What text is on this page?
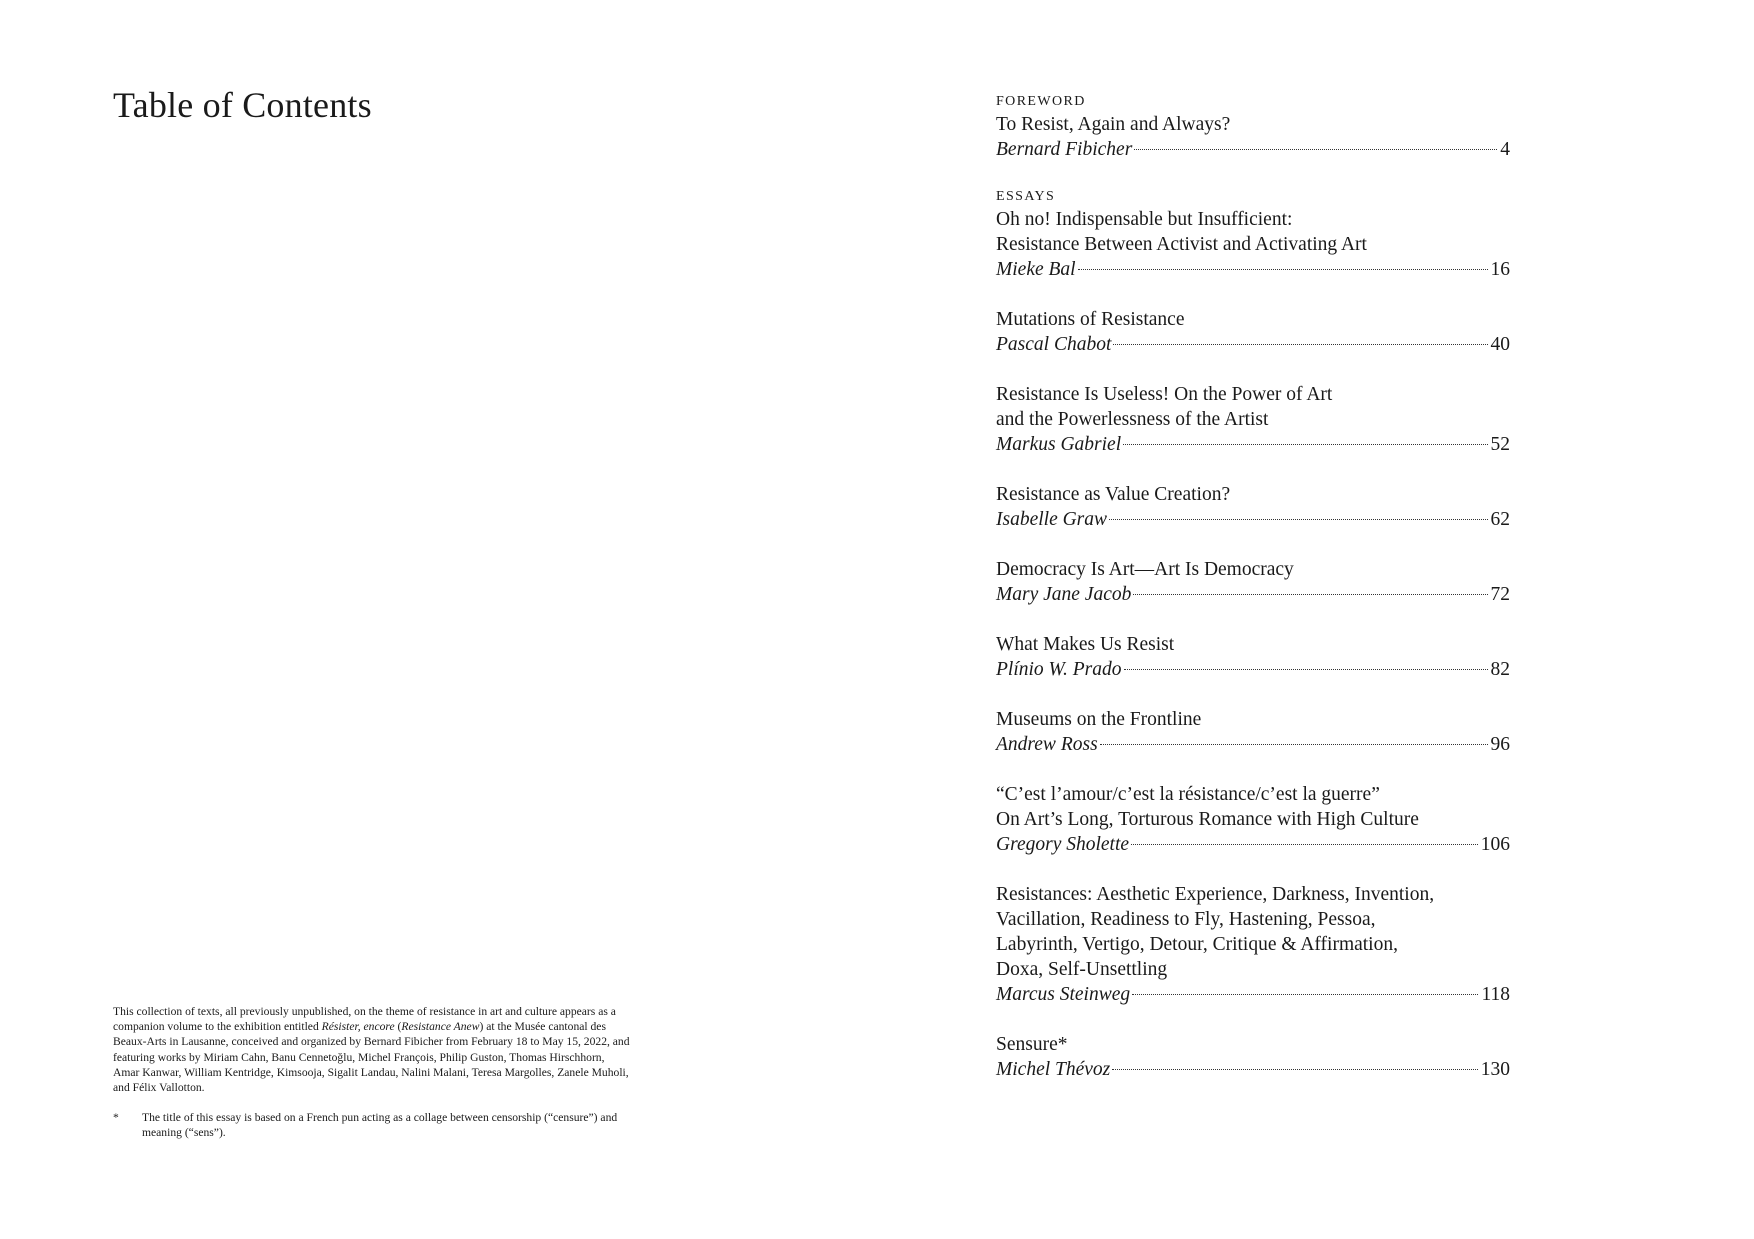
Table of Contents

This collection of texts, all previously unpublished, on the theme of resistance in art and culture appears as a companion volume to the exhibition entitled Résister, encore (Resistance Anew) at the Musée cantonal des Beaux-Arts in Lausanne, conceived and organized by Bernard Fibicher from February 18 to May 15, 2022, and featuring works by Miriam Cahn, Banu Cennetoğlu, Michel François, Philip Guston, Thomas Hirschhorn, Amar Kanwar, William Kentridge, Kimsooja, Sigalit Landau, Nalini Malani, Teresa Margolles, Zanele Muholi, and Félix Vallotton.

*	The title of this essay is based on a French pun acting as a collage between censorship (“censure”) and meaning (“sens”).
FOREWORD
To Resist, Again and Always?
Bernard Fibicher	4
ESSAYS
Oh no! Indispensable but Insufficient:
Resistance Between Activist and Activating Art
Mieke Bal	16
Mutations of Resistance
Pascal Chabot	40
Resistance Is Useless! On the Power of Art
and the Powerlessness of the Artist
Markus Gabriel	52
Resistance as Value Creation?
Isabelle Graw	62
Democracy Is Art—Art Is Democracy
Mary Jane Jacob	72
What Makes Us Resist
Plínio W. Prado	82
Museums on the Frontline
Andrew Ross	96
“C’est l’amour/c’est la résistance/c’est la guerre”
On Art’s Long, Torturous Romance with High Culture
Gregory Sholette	106
Resistances: Aesthetic Experience, Darkness, Invention,
Vacillation, Readiness to Fly, Hastening, Pessoa,
Labyrinth, Vertigo, Detour, Critique & Affirmation,
Doxa, Self-Unsettling
Marcus Steinweg	118
Sensure*
Michel Thévoz	130
